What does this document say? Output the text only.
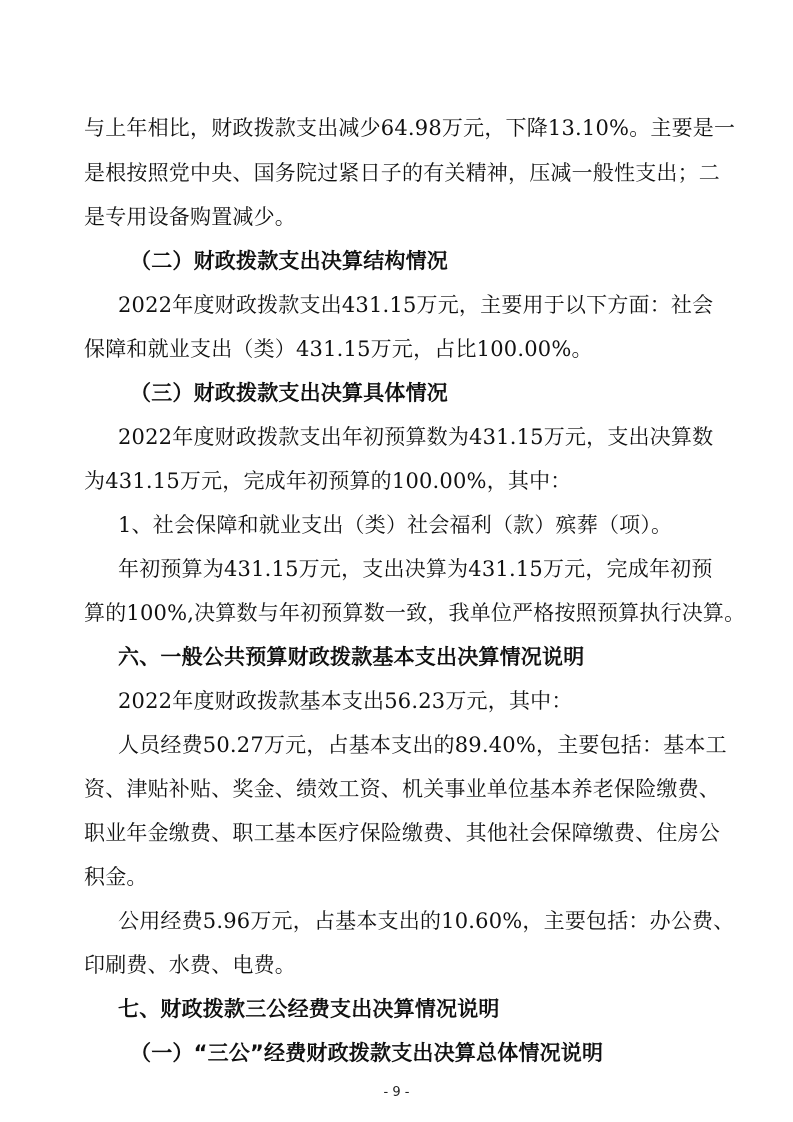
与上年相比，财政拨款支出减少64.98万元，下降13.10%。主要是一
是根按照党中央、国务院过紧日子的有关精神，压减一般性支出；二
是专用设备购置减少。
（二）财政拨款支出决算结构情况
2022年度财政拨款支出431.15万元，主要用于以下方面：社会
保障和就业支出（类）431.15万元，占比100.00%。
（三）财政拨款支出决算具体情况
2022年度财政拨款支出年初预算数为431.15万元，支出决算数
为431.15万元，完成年初预算的100.00%，其中：
1、社会保障和就业支出（类）社会福利（款）殡葬（项）。
年初预算为431.15万元，支出决算为431.15万元，完成年初预
算的100%,决算数与年初预算数一致，我单位严格按照预算执行决算。
六、一般公共预算财政拨款基本支出决算情况说明
2022年度财政拨款基本支出56.23万元，其中：
人员经费50.27万元，占基本支出的89.40%，主要包括：基本工
资、津贴补贴、奖金、绩效工资、机关事业单位基本养老保险缴费、
职业年金缴费、职工基本医疗保险缴费、其他社会保障缴费、住房公
积金。
公用经费5.96万元，占基本支出的10.60%，主要包括：办公费、
印刷费、水费、电费。
七、财政拨款三公经费支出决算情况说明
（一）“三公”经费财政拨款支出决算总体情况说明
- 9 -
